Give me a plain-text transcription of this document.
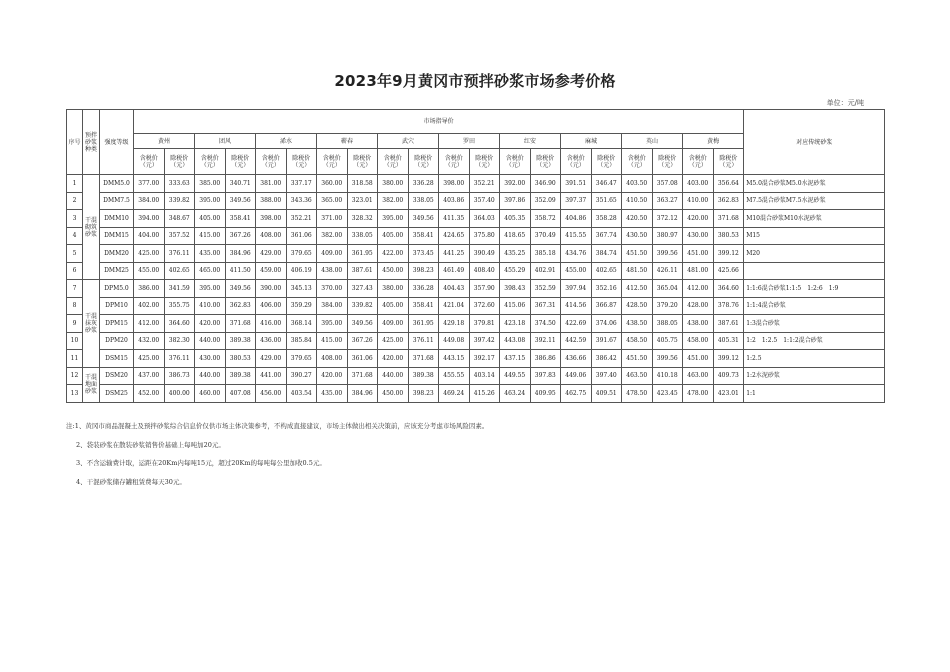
2023年9月黄冈市预拌砂浆市场参考价格
单位：元/吨
序号	预拌砂浆种类	强度等级	市场指导价																				对应传统砂浆
			黄州		团风		浠水		蕲春		武穴		罗田		红安		麻城		英山		黄梅		
			含税价（元）	除税价（元）	含税价（元）	除税价（元）	含税价（元）	除税价（元）	含税价（元）	除税价（元）	含税价（元）	除税价（元）	含税价（元）	除税价（元）	含税价（元）	除税价（元）	含税价（元）	除税价（元）	含税价（元）	除税价（元）	含税价（元）	除税价（元）	
1	干混砌筑砂浆	DMM5.0	377.00	333.63	385.00	340.71	381.00	337.17	360.00	318.58	380.00	336.28	398.00	352.21	392.00	346.90	391.51	346.47	403.50	357.08	403.00	356.64	M5.0混合砂浆M5.0水泥砂浆
2		DMM7.5	384.00	339.82	395.00	349.56	388.00	343.36	365.00	323.01	382.00	338.05	403.86	357.40	397.86	352.09	397.37	351.65	410.50	363.27	410.00	362.83	M7.5混合砂浆M7.5水泥砂浆
3		DMM10	394.00	348.67	405.00	358.41	398.00	352.21	371.00	328.32	395.00	349.56	411.35	364.03	405.35	358.72	404.86	358.28	420.50	372.12	420.00	371.68	M10混合砂浆M10水泥砂浆
4		DMM15	404.00	357.52	415.00	367.26	408.00	361.06	382.00	338.05	405.00	358.41	424.65	375.80	418.65	370.49	415.55	367.74	430.50	380.97	430.00	380.53	M15
5		DMM20	425.00	376.11	435.00	384.96	429.00	379.65	409.00	361.95	422.00	373.45	441.25	390.49	435.25	385.18	434.76	384.74	451.50	399.56	451.00	399.12	M20
6		DMM25	455.00	402.65	465.00	411.50	459.00	406.19	438.00	387.61	450.00	398.23	461.49	408.40	455.29	402.91	455.00	402.65	481.50	426.11	481.00	425.66	
7	干混抹灰砂浆	DPM5.0	386.00	341.59	395.00	349.56	390.00	345.13	370.00	327.43	380.00	336.28	404.43	357.90	398.43	352.59	397.94	352.16	412.50	365.04	412.00	364.60	1:1:6混合砂浆1:1:5　1:2:6　1:9
8		DPM10	402.00	355.75	410.00	362.83	406.00	359.29	384.00	339.82	405.00	358.41	421.04	372.60	415.06	367.31	414.56	366.87	428.50	379.20	428.00	378.76	1:1:4混合砂浆
9		DPM15	412.00	364.60	420.00	371.68	416.00	368.14	395.00	349.56	409.00	361.95	429.18	379.81	423.18	374.50	422.69	374.06	438.50	388.05	438.00	387.61	1:3混合砂浆
10		DPM20	432.00	382.30	440.00	389.38	436.00	385.84	415.00	367.26	425.00	376.11	449.08	397.42	443.08	392.11	442.59	391.67	458.50	405.75	458.00	405.31	1:2　1:2.5　1:1:2混合砂浆
11		DSM15	425.00	376.11	430.00	380.53	429.00	379.65	408.00	361.06	420.00	371.68	443.15	392.17	437.15	386.86	436.66	386.42	451.50	399.56	451.00	399.12	1:2.5
12	干混地面砂浆	DSM20	437.00	386.73	440.00	389.38	441.00	390.27	420.00	371.68	440.00	389.38	455.55	403.14	449.55	397.83	449.06	397.40	463.50	410.18	463.00	409.73	1:2水泥砂浆
13		DSM25	452.00	400.00	460.00	407.08	456.00	403.54	435.00	384.96	450.00	398.23	469.24	415.26	463.24	409.95	462.75	409.51	478.50	423.45	478.00	423.01	1:1
注:1、黄冈市商品混凝土及预拌砂浆综合信息价仅供市场主体决策参考，不构成直接建议，市场主体做出相关决策前，应该充分考虑市场风险因素。
2、袋装砂浆在散装砂浆销售价基础上每吨加20元。
3、不含运输费计取，运距在20Km内每吨15元，超过20Km的每吨每公里加收0.5元。
4、干混砂浆储存罐租赁费每天30元。
